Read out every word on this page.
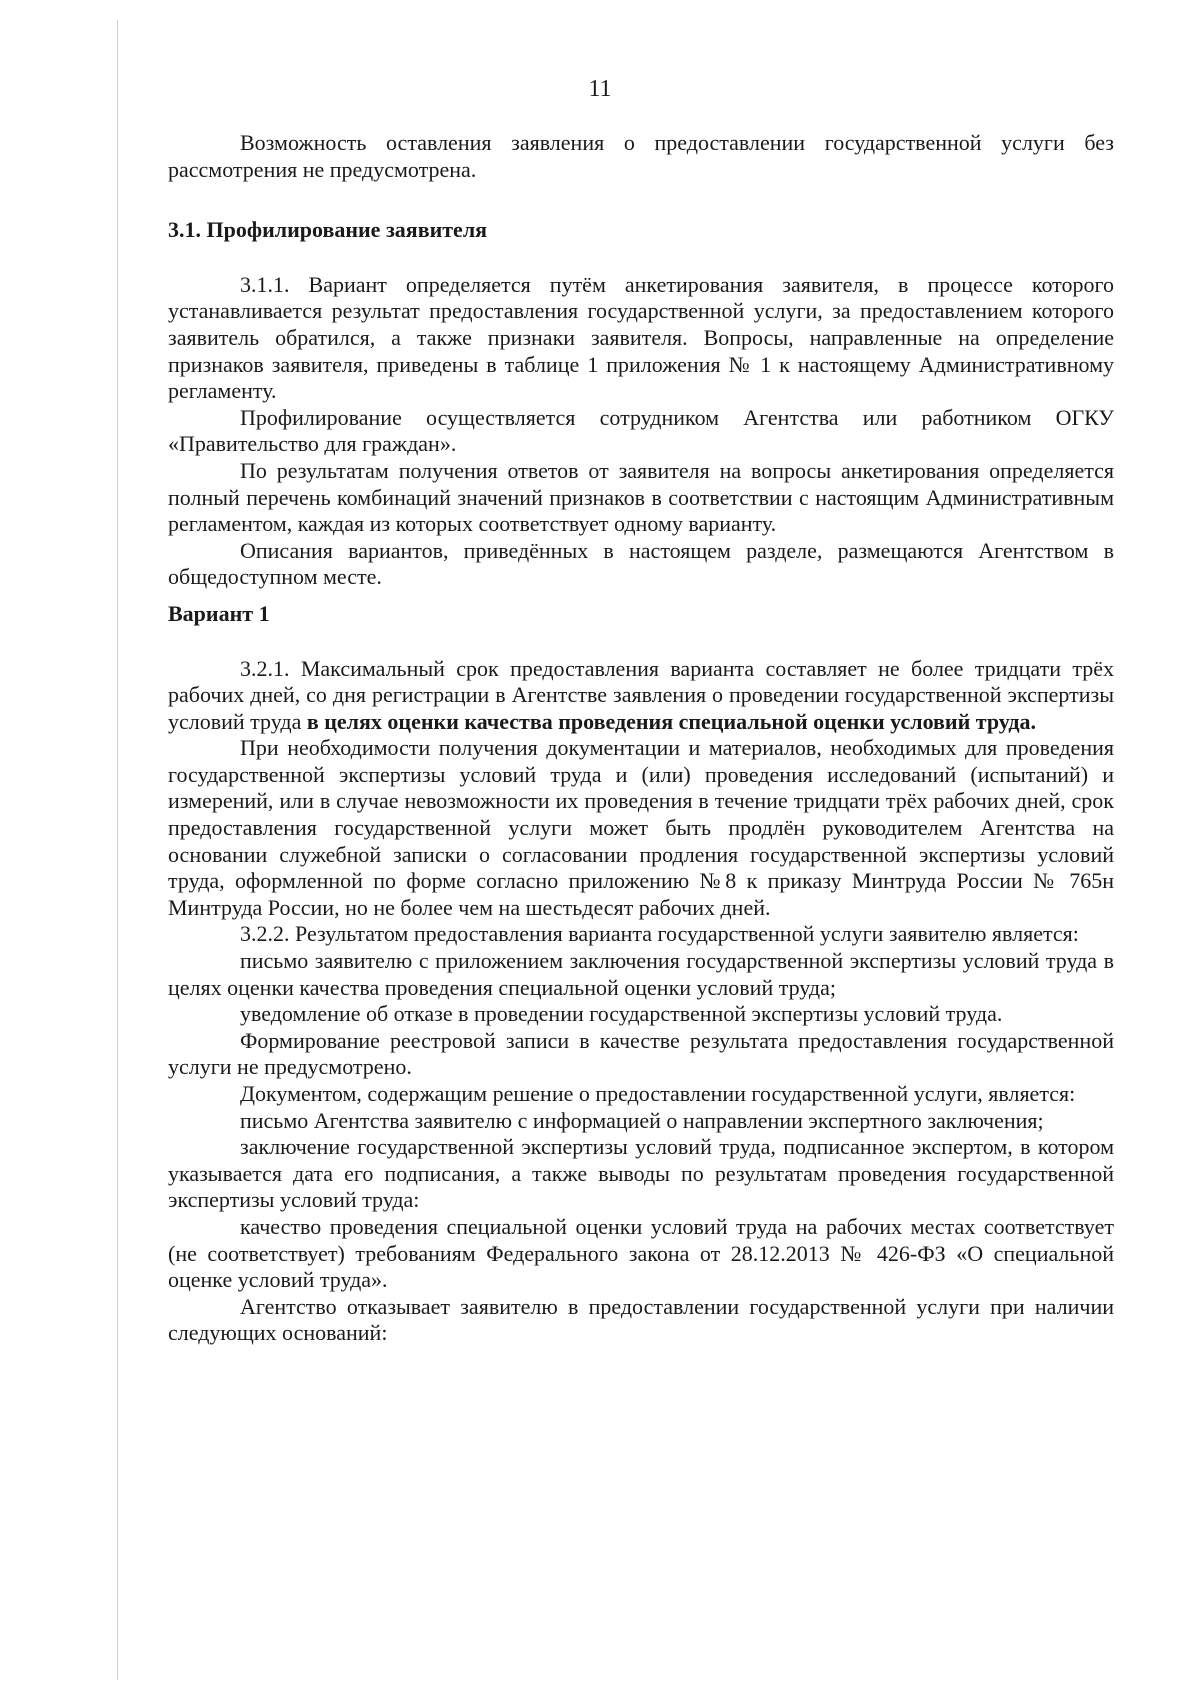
11

Возможность оставления заявления о предоставлении государственной услуги без рассмотрения не предусмотрена.

3.1. Профилирование заявителя

3.1.1. Вариант определяется путём анкетирования заявителя, в процессе которого устанавливается результат предоставления государственной услуги, за предоставлением которого заявитель обратился, а также признаки заявителя. Вопросы, направленные на определение признаков заявителя, приведены в таблице 1 приложения № 1 к настоящему Административному регламенту.

Профилирование осуществляется сотрудником Агентства или работником ОГКУ «Правительство для граждан».

По результатам получения ответов от заявителя на вопросы анкетирования определяется полный перечень комбинаций значений признаков в соответствии с настоящим Административным регламентом, каждая из которых соответствует одному варианту.

Описания вариантов, приведённых в настоящем разделе, размещаются Агентством в общедоступном месте.

Вариант 1

3.2.1. Максимальный срок предоставления варианта составляет не более тридцати трёх рабочих дней, со дня регистрации в Агентстве заявления о проведении государственной экспертизы условий труда в целях оценки качества проведения специальной оценки условий труда.

При необходимости получения документации и материалов, необходимых для проведения государственной экспертизы условий труда и (или) проведения исследований (испытаний) и измерений, или в случае невозможности их проведения в течение тридцати трёх рабочих дней, срок предоставления государственной услуги может быть продлён руководителем Агентства на основании служебной записки о согласовании продления государственной экспертизы условий труда, оформленной по форме согласно приложению №8 к приказу Минтруда России № 765н Минтруда России, но не более чем на шестьдесят рабочих дней.

3.2.2. Результатом предоставления варианта государственной услуги заявителю является:

письмо заявителю с приложением заключения государственной экспертизы условий труда в целях оценки качества проведения специальной оценки условий труда;

уведомление об отказе в проведении государственной экспертизы условий труда.

Формирование реестровой записи в качестве результата предоставления государственной услуги не предусмотрено.

Документом, содержащим решение о предоставлении государственной услуги, является:

письмо Агентства заявителю с информацией о направлении экспертного заключения;

заключение государственной экспертизы условий труда, подписанное экспертом, в котором указывается дата его подписания, а также выводы по результатам проведения государственной экспертизы условий труда:

качество проведения специальной оценки условий труда на рабочих местах соответствует (не соответствует) требованиям Федерального закона от 28.12.2013 № 426-ФЗ «О специальной оценке условий труда».

Агентство отказывает заявителю в предоставлении государственной услуги при наличии следующих оснований:
